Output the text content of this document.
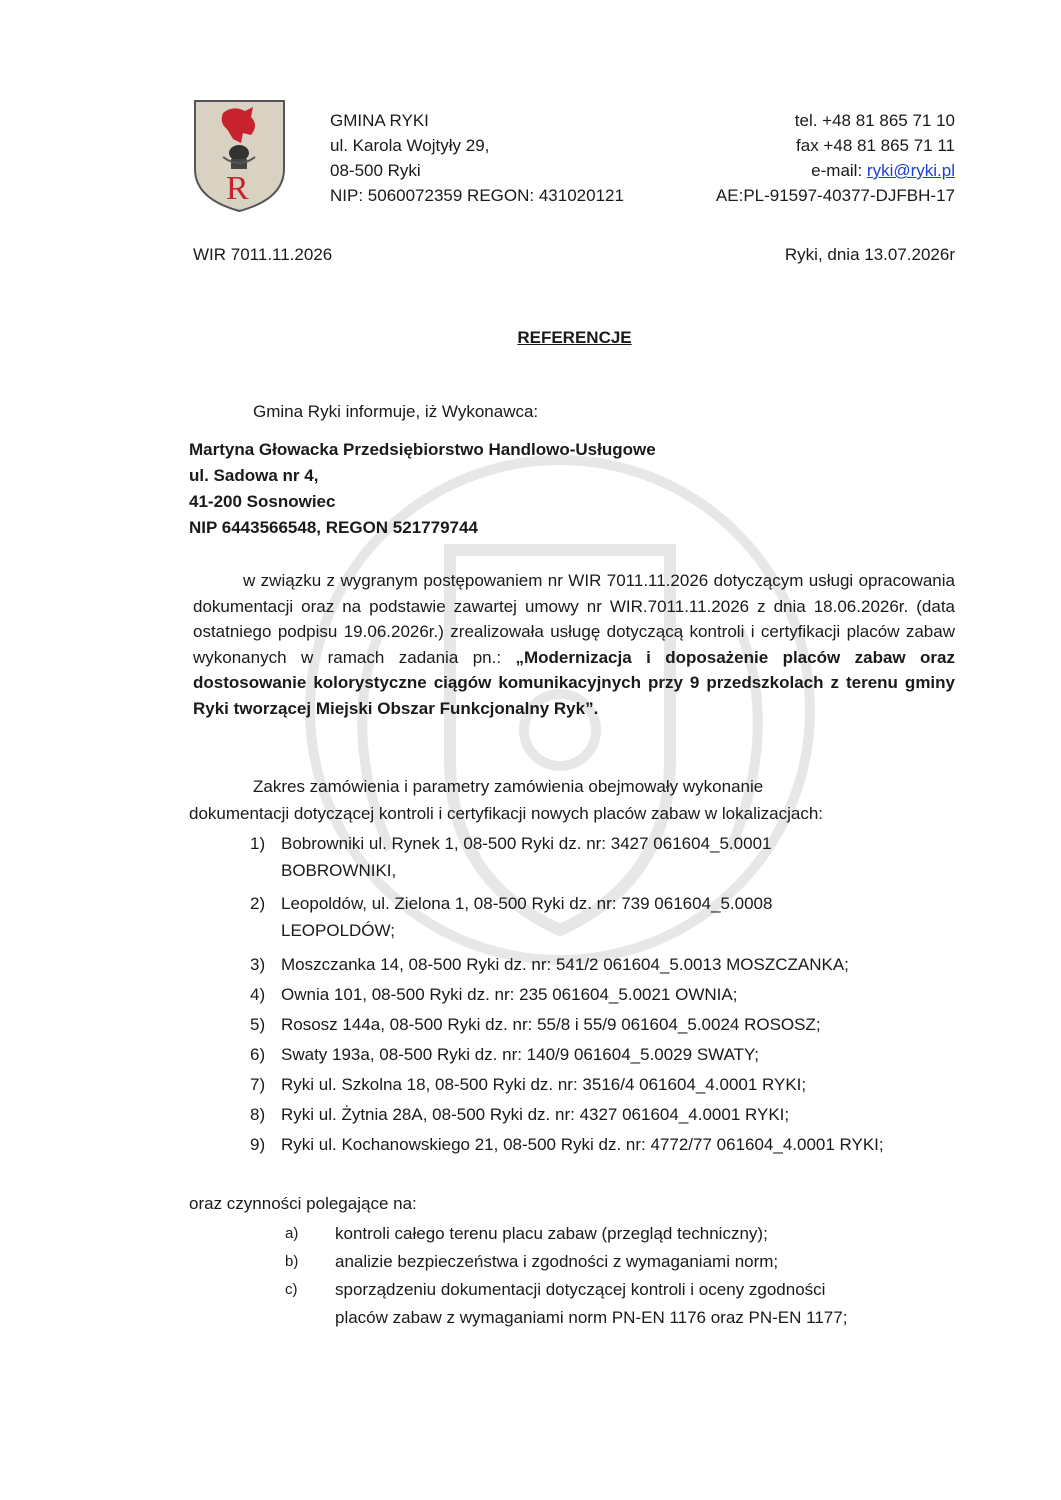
GMINA RYKI
ul. Karola Wojtyły 29,
08-500 Ryki
NIP: 5060072359 REGON: 431020121
tel. +48 81 865 71 10
fax +48 81 865 71 11
e-mail: ryki@ryki.pl
AE:PL-91597-40377-DJFBH-17
WIR 7011.11.2026	Ryki, dnia 13.07.2026r
REFERENCJE
Gmina Ryki informuje, iż Wykonawca:
Martyna Głowacka Przedsiębiorstwo Handlowo-Usługowe
ul. Sadowa nr 4,
41-200 Sosnowiec
NIP 6443566548, REGON 521779744
w związku z wygranym postępowaniem nr WIR 7011.11.2026 dotyczącym usługi opracowania dokumentacji oraz na podstawie zawartej umowy nr WIR.7011.11.2026 z dnia 18.06.2026r. (data ostatniego podpisu 19.06.2026r.) zrealizowała usługę dotyczącą kontroli i certyfikacji placów zabaw wykonanych w ramach zadania pn.: „Modernizacja i doposażenie placów zabaw oraz dostosowanie kolorystyczne ciągów komunikacyjnych przy 9 przedszkolach z terenu gminy Ryki tworzącej Miejski Obszar Funkcjonalny Ryk”.
Zakres zamówienia i parametry zamówienia obejmowały wykonanie
dokumentacji dotyczącej kontroli i certyfikacji nowych placów zabaw w lokalizacjach:
1) Bobrowniki ul. Rynek 1, 08-500 Ryki dz. nr: 3427 061604_5.0001
BOBROWNIKI,
2) Leopoldów, ul. Zielona 1, 08-500 Ryki dz. nr: 739 061604_5.0008
LEOPOLDÓW;
3) Moszczanka 14, 08-500 Ryki dz. nr: 541/2 061604_5.0013 MOSZCZANKA;
4) Ownia 101, 08-500 Ryki dz. nr: 235 061604_5.0021 OWNIA;
5) Rososz 144a, 08-500 Ryki dz. nr: 55/8 i 55/9 061604_5.0024 ROSOSZ;
6) Swaty 193a, 08-500 Ryki dz. nr: 140/9 061604_5.0029 SWATY;
7) Ryki ul. Szkolna 18, 08-500 Ryki dz. nr: 3516/4 061604_4.0001 RYKI;
8) Ryki ul. Żytnia 28A, 08-500 Ryki dz. nr: 4327 061604_4.0001 RYKI;
9) Ryki ul. Kochanowskiego 21, 08-500 Ryki dz. nr: 4772/77 061604_4.0001 RYKI;
oraz czynności polegające na:
a) kontroli całego terenu placu zabaw (przegląd techniczny);
b) analizie bezpieczeństwa i zgodności z wymaganiami norm;
c) sporządzeniu dokumentacji dotyczącej kontroli i oceny zgodności
placów zabaw z wymaganiami norm PN-EN 1176 oraz PN-EN 1177;
R
